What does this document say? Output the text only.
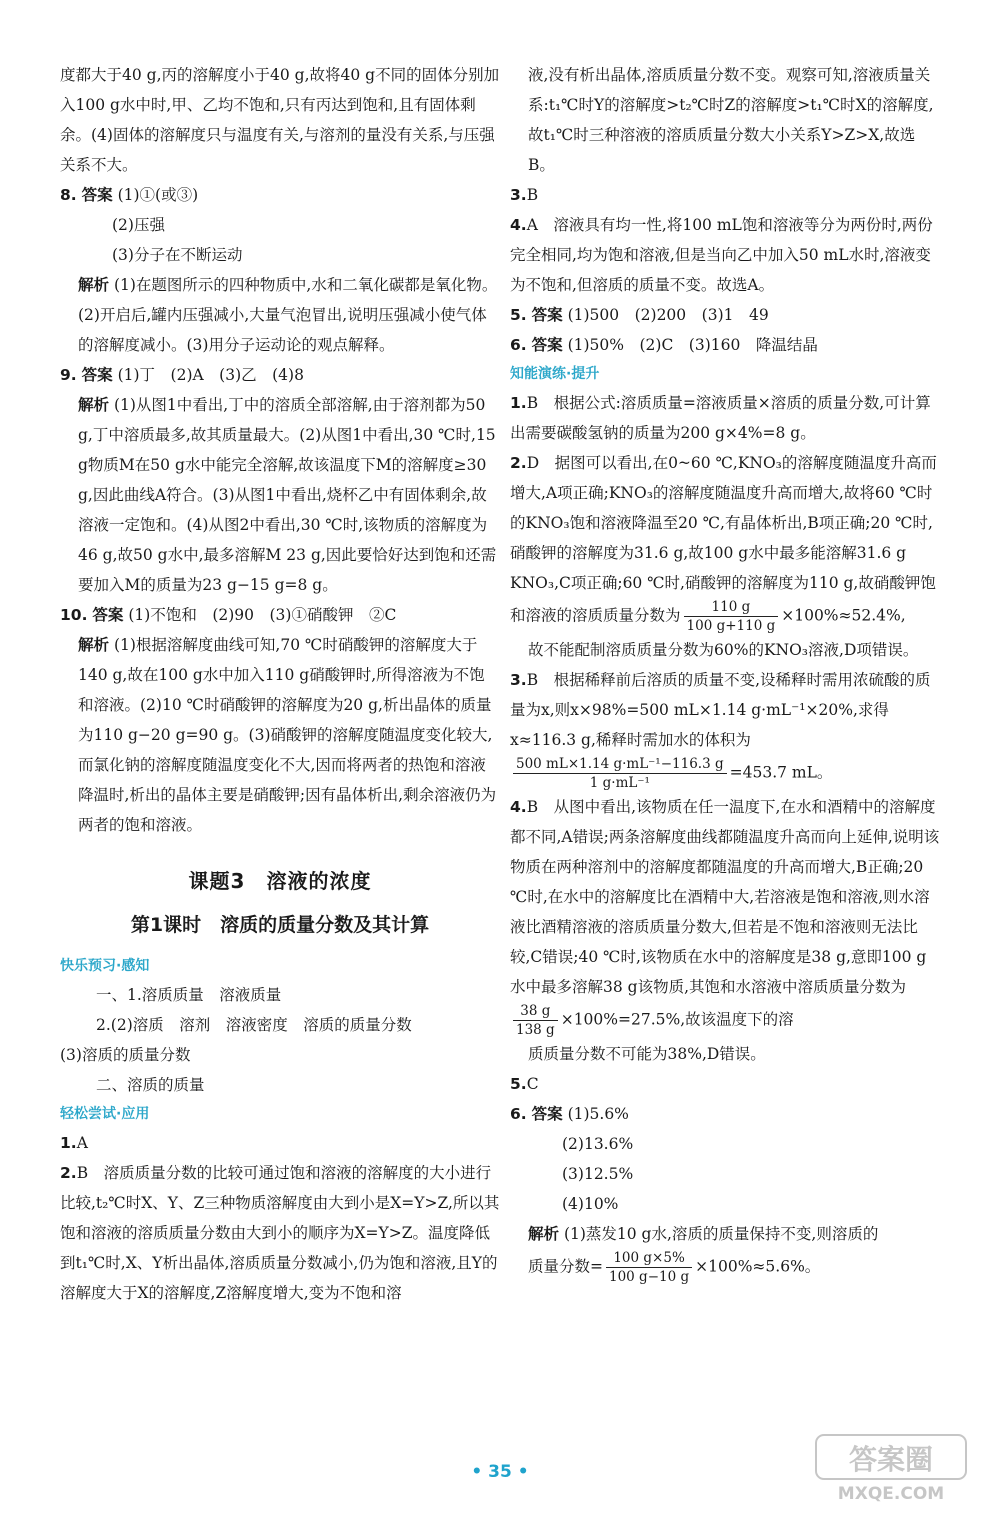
度都大于40 g,丙的溶解度小于40 g,故将40 g不同的固体分别加入100 g水中时,甲、乙均不饱和,只有丙达到饱和,且有固体剩余。(4)固体的溶解度只与温度有关,与溶剂的量没有关系,与压强关系不大。

8. 答案 (1)①(或③)

(2)压强

(3)分子在不断运动

解析 (1)在题图所示的四种物质中,水和二氧化碳都是氧化物。(2)开启后,罐内压强减小,大量气泡冒出,说明压强减小使气体的溶解度减小。(3)用分子运动论的观点解释。

9. 答案 (1)丁　(2)A　(3)乙　(4)8

解析 (1)从图1中看出,丁中的溶质全部溶解,由于溶剂都为50 g,丁中溶质最多,故其质量最大。(2)从图1中看出,30 ℃时,15 g物质M在50 g水中能完全溶解,故该温度下M的溶解度≥30 g,因此曲线A符合。(3)从图1中看出,烧杯乙中有固体剩余,故溶液一定饱和。(4)从图2中看出,30 ℃时,该物质的溶解度为46 g,故50 g水中,最多溶解M 23 g,因此要恰好达到饱和还需要加入M的质量为23 g−15 g=8 g。

10. 答案 (1)不饱和　(2)90　(3)①硝酸钾　②C

解析 (1)根据溶解度曲线可知,70 ℃时硝酸钾的溶解度大于140 g,故在100 g水中加入110 g硝酸钾时,所得溶液为不饱和溶液。(2)10 ℃时硝酸钾的溶解度为20 g,析出晶体的质量为110 g−20 g=90 g。(3)硝酸钾的溶解度随温度变化较大,而氯化钠的溶解度随温度变化不大,因而将两者的热饱和溶液降温时,析出的晶体主要是硝酸钾;因有晶体析出,剩余溶液仍为两者的饱和溶液。

课题3　溶液的浓度
第1课时　溶质的质量分数及其计算
快乐预习·感知

一、1.溶质质量　溶液质量

2.(2)溶质　溶剂　溶液密度　溶质的质量分数

(3)溶质的质量分数

二、溶质的质量

轻松尝试·应用

1.A

2.B　 溶质质量分数的比较可通过饱和溶液的溶解度的大小进行比较,t₂℃时X、Y、Z三种物质溶解度由大到小是X=Y>Z,所以其饱和溶液的溶质质量分数由大到小的顺序为X=Y>Z。温度降低到t₁℃时,X、Y析出晶体,溶质质量分数减小,仍为饱和溶液,且Y的溶解度大于X的溶解度,Z溶解度增大,变为不饱和溶

液,没有析出晶体,溶质质量分数不变。观察可知,溶液质量关系:t₁℃时Y的溶解度>t₂℃时Z的溶解度>t₁℃时X的溶解度,故t₁℃时三种溶液的溶质质量分数大小关系Y>Z>X,故选B。

3.B

4.A　 溶液具有均一性,将100 mL饱和溶液等分为两份时,两份完全相同,均为饱和溶液,但是当向乙中加入50 mL水时,溶液变为不饱和,但溶质的质量不变。故选A。

5. 答案 (1)500　(2)200　(3)1　49

6. 答案 (1)50%　(2)C　(3)160　降温结晶

知能演练·提升

1.B　 根据公式:溶质质量=溶液质量×溶质的质量分数,可计算出需要碳酸氢钠的质量为200 g×4%=8 g。

2.D　 据图可以看出,在0~60 ℃,KNO₃的溶解度随温度升高而增大,A项正确;KNO₃的溶解度随温度升高而增大,故将60 ℃时的KNO₃饱和溶液降温至20 ℃,有晶体析出,B项正确;20 ℃时,硝酸钾的溶解度为31.6 g,故100 g水中最多能溶解31.6 g KNO₃,C项正确;60 ℃时,硝酸钾的溶解度为110 g,故硝酸钾饱和溶液的溶质质量分数为 $\frac{110 g}{100 g+110 g} \times 100\%\approx 52.4\%$,

故不能配制溶质质量分数为60%的KNO₃溶液,D项错误。

3.B　 根据稀释前后溶质的质量不变,设稀释时需用浓硫酸的质量为x,则x×98%=500 mL×1.14 g·mL⁻¹×20%,求得x≈116.3 g,稀释时需加水的体积为

$\frac{\text{500 mL×1.14 g·mL⁻¹−116.3 g}}{\text{1 g·mL⁻¹}} =453.7$ mL。

4.B　 从图中看出,该物质在任一温度下,在水和酒精中的溶解度都不同,A错误;两条溶解度曲线都随温度升高而向上延伸,说明该物质在两种溶剂中的溶解度都随温度的升高而增大,B正确;20 ℃时,在水中的溶解度比在酒精中大,若溶液是饱和溶液,则水溶液比酒精溶液的溶质质量分数大,但若是不饱和溶液则无法比较,C错误;40 ℃时,该物质在水中的溶解度是38 g,意即100 g水中最多溶解38 g该物质,其饱和水溶液中溶质质量分数为
$\frac{38 g}{138 g} \times 100\%=27.5\%$,故该温度下的溶

质质量分数不可能为38%,D错误。

5.C

6. 答案 (1)5.6%

(2)13.6%

(3)12.5%

(4)10%

解析 (1)蒸发10 g水,溶质的质量保持不变,则溶质的
质量分数= $\frac{100 g\times 5\%}{100 g-10 g} \times 100\%\approx 5.6\%$。

• 35 •	答案圈
MXQE.COM
